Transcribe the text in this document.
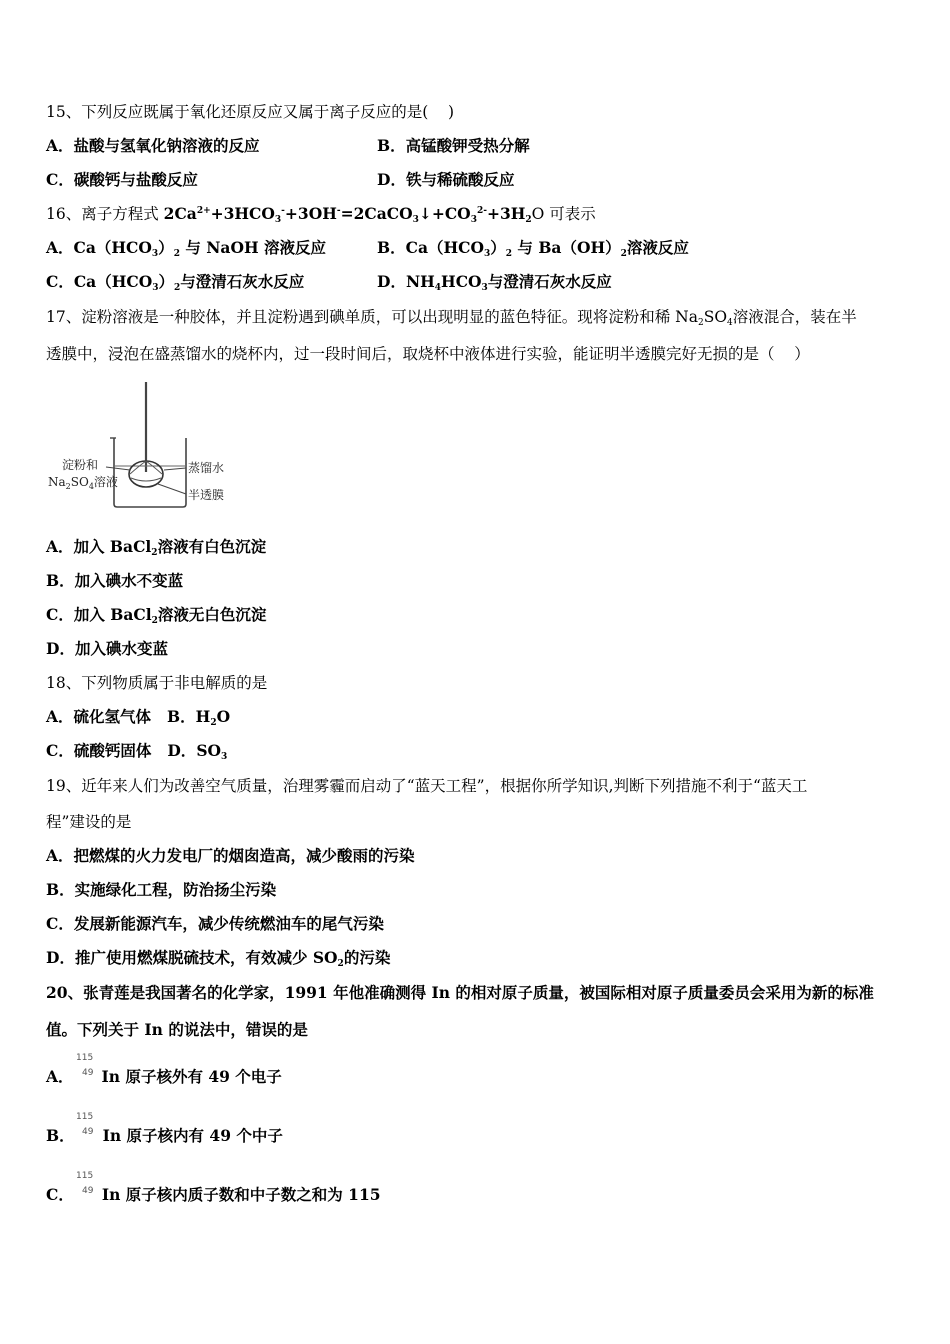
15、下列反应既属于氧化还原反应又属于离子反应的是(    )
A．盐酸与氢氧化钠溶液的反应	B．高锰酸钾受热分解
C．碳酸钙与盐酸反应	D．铁与稀硫酸反应
16、离子方程式 $2Ca^{2+}+3HCO_3^-+3OH^-=2CaCO_3↓+CO_3^{2-}+3H_2O$ 可表示
A．$Ca(HCO_3)_2$ 与 NaOH 溶液反应	B．$Ca(HCO_3)_2$ 与 $Ba(OH)_2$溶液反应
C．$Ca(HCO_3)_2$与澄清石灰水反应	D．$NH_4HCO_3$与澄清石灰水反应
17、淀粉溶液是一种胶体，并且淀粉遇到碘单质，可以出现明显的蓝色特征。现将淀粉和稀 $Na_2SO_4$溶液混合，装在半
透膜中，浸泡在盛蒸馏水的烧杯内，过一段时间后，取烧杯中液体进行实验，能证明半透膜完好无损的是（    ）
淀粉和
$Na_2SO_4$溶液
蒸馏水
半透膜
A．加入 BaCl$_2$溶液有白色沉淀
B．加入碘水不变蓝
C．加入 BaCl$_2$溶液无白色沉淀
D．加入碘水变蓝
18、下列物质属于非电解质的是
A．硫化氢气体 B．$H_2O$
C．硫酸钙固体 D．$SO_3$
19、近年来人们为改善空气质量，治理雾霾而启动了“蓝天工程”，根据你所学知识,判断下列措施不利于“蓝天工
程”建设的是
A．把燃煤的火力发电厂的烟囱造高，减少酸雨的污染
B．实施绿化工程，防治扬尘污染
C．发展新能源汽车，减少传统燃油车的尾气污染
D．推广使用燃煤脱硫技术，有效减少 $SO_2$的污染
20、张青莲是我国著名的化学家，1991 年他准确测得 In 的相对原子质量，被国际相对原子质量委员会采用为新的标准
值。下列关于 In 的说法中，错误的是
115
49
A． In 原子核外有 49 个电子
115
49
B． In 原子核内有 49 个中子
115
49
C． In 原子核内质子数和中子数之和为 115
